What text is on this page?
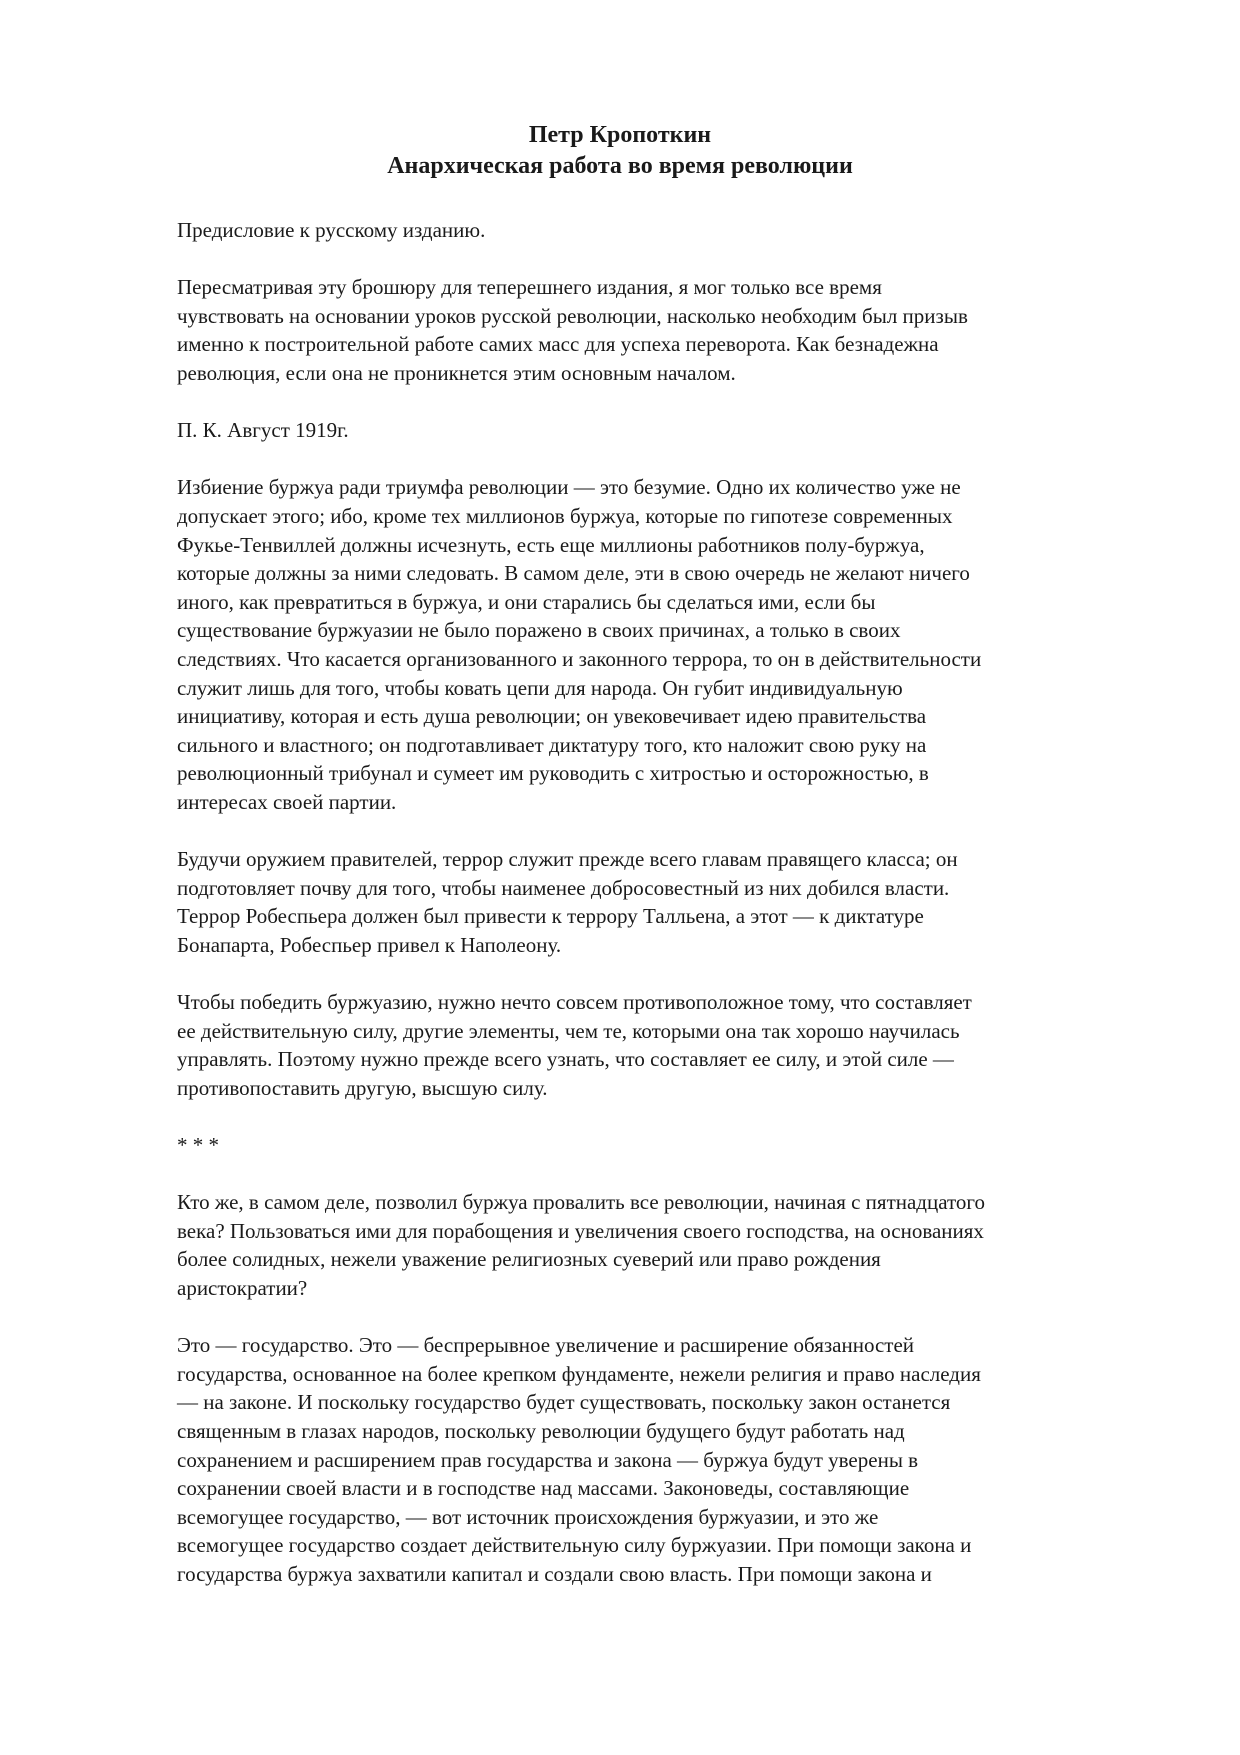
Петр Кропоткин
Анархическая работа во время революции

Предисловие к русскому изданию.

Пересматривая эту брошюру для теперешнего издания, я мог только все время
чувствовать на основании уроков русской революции, насколько необходим был призыв
именно к построительной работе самих масс для успеха переворота. Как безнадежна
революция, если она не проникнется этим основным началом.

П. К. Август 1919г.

Избиение буржуа ради триумфа революции — это безумие. Одно их количество уже не
допускает этого; ибо, кроме тех миллионов буржуа, которые по гипотезе современных
Фукье-Тенвиллей должны исчезнуть, есть еще миллионы работников полу-буржуа,
которые должны за ними следовать. В самом деле, эти в свою очередь не желают ничего
иного, как превратиться в буржуа, и они старались бы сделаться ими, если бы
существование буржуазии не было поражено в своих причинах, а только в своих
следствиях. Что касается организованного и законного террора, то он в действительности
служит лишь для того, чтобы ковать цепи для народа. Он губит индивидуальную
инициативу, которая и есть душа революции; он увековечивает идею правительства
сильного и властного; он подготавливает диктатуру того, кто наложит свою руку на
революционный трибунал и сумеет им руководить с хитростью и осторожностью, в
интересах своей партии.

Будучи оружием правителей, террор служит прежде всего главам правящего класса; он
подготовляет почву для того, чтобы наименее добросовестный из них добился власти.
Террор Робеспьера должен был привести к террору Талльена, а этот — к диктатуре
Бонапарта, Робеспьер привел к Наполеону.

Чтобы победить буржуазию, нужно нечто совсем противоположное тому, что составляет
ее действительную силу, другие элементы, чем те, которыми она так хорошо научилась
управлять. Поэтому нужно прежде всего узнать, что составляет ее силу, и этой силе —
противопоставить другую, высшую силу.

* * *

Кто же, в самом деле, позволил буржуа провалить все революции, начиная с пятнадцатого
века? Пользоваться ими для порабощения и увеличения своего господства, на основаниях
более солидных, нежели уважение религиозных суеверий или право рождения
аристократии?

Это — государство. Это — беспрерывное увеличение и расширение обязанностей
государства, основанное на более крепком фундаменте, нежели религия и право наследия
— на законе. И поскольку государство будет существовать, поскольку закон останется
священным в глазах народов, поскольку революции будущего будут работать над
сохранением и расширением прав государства и закона — буржуа будут уверены в
сохранении своей власти и в господстве над массами. Законоведы, составляющие
всемогущее государство, — вот источник происхождения буржуазии, и это же
всемогущее государство создает действительную силу буржуазии. При помощи закона и
государства буржуа захватили капитал и создали свою власть. При помощи закона и
